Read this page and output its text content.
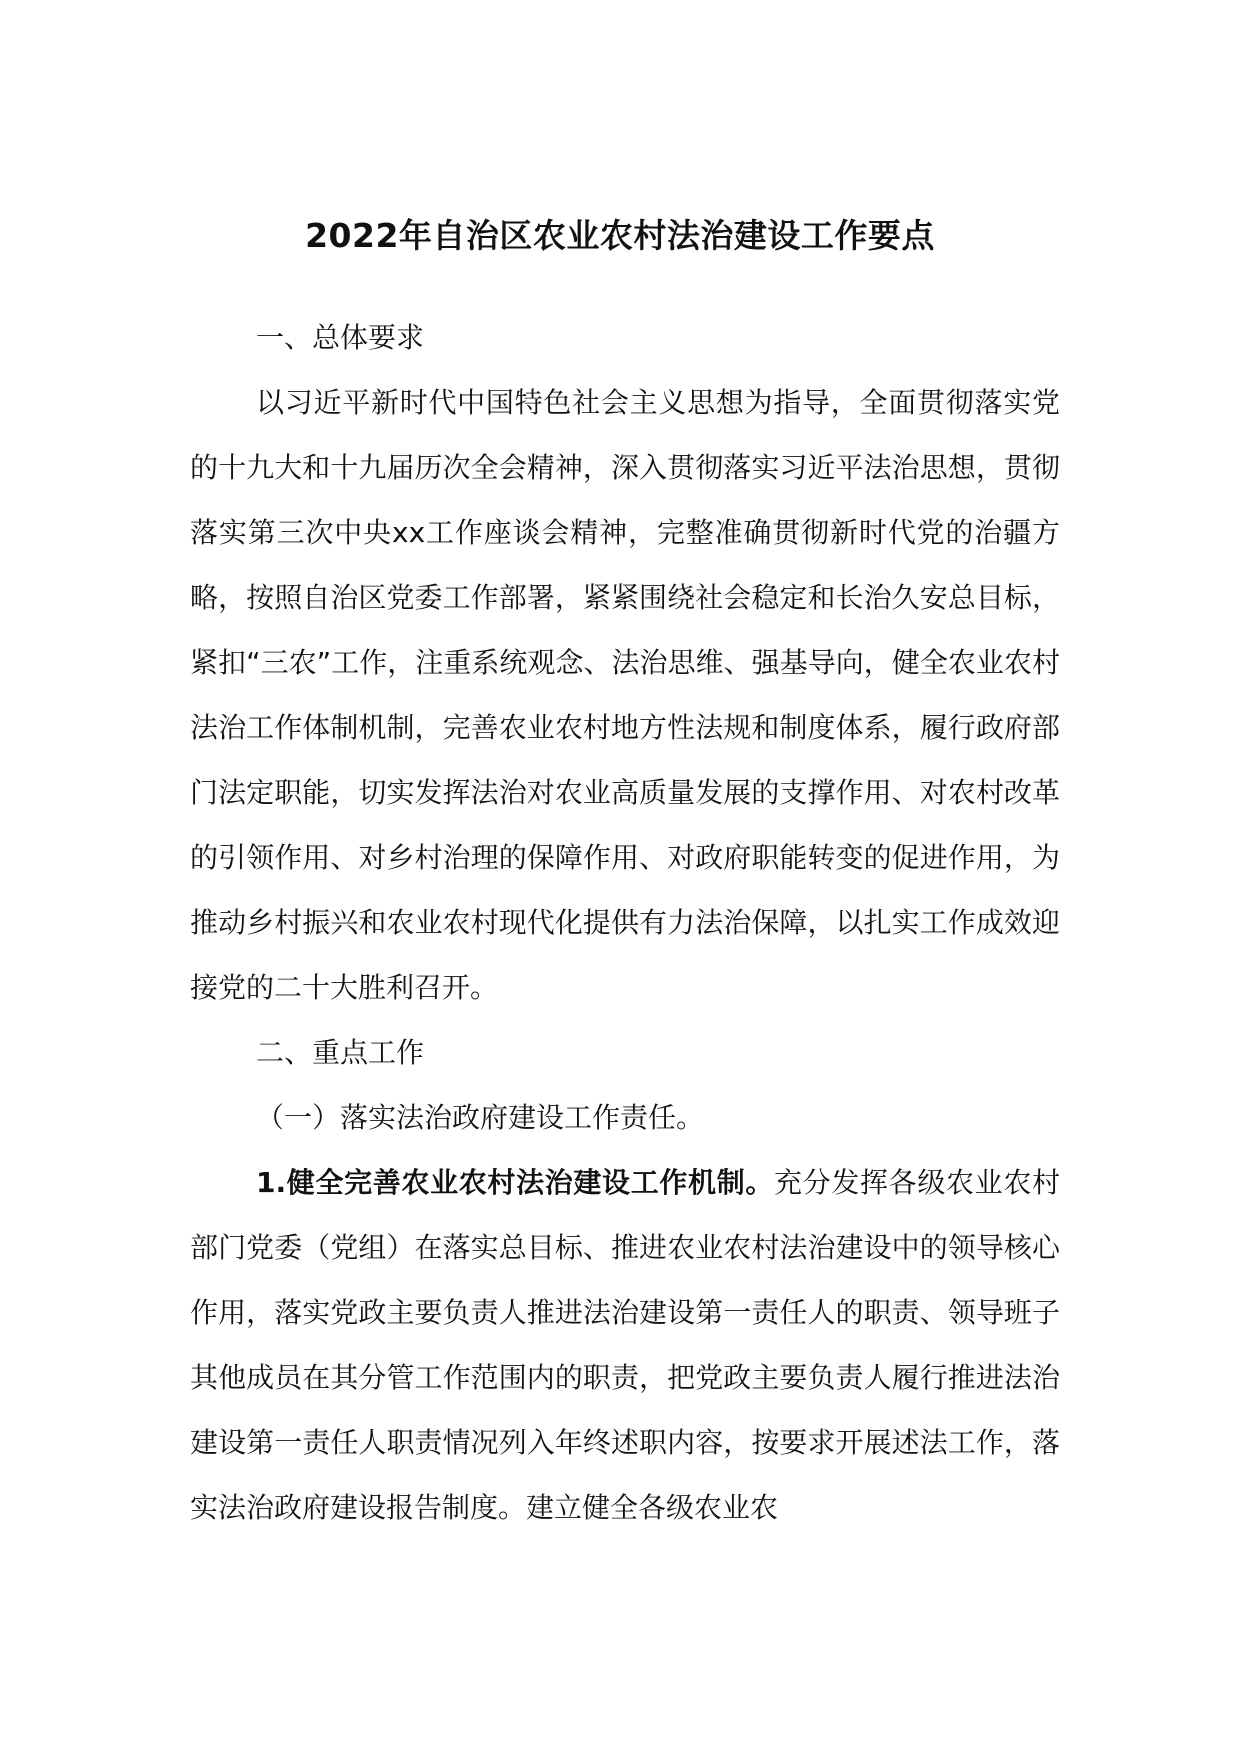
2022年自治区农业农村法治建设工作要点

一、总体要求

以习近平新时代中国特色社会主义思想为指导，全面贯彻落实党的十九大和十九届历次全会精神，深入贯彻落实习近平法治思想，贯彻落实第三次中央xx工作座谈会精神，完整准确贯彻新时代党的治疆方略，按照自治区党委工作部署，紧紧围绕社会稳定和长治久安总目标，紧扣“三农”工作，注重系统观念、法治思维、强基导向，健全农业农村法治工作体制机制，完善农业农村地方性法规和制度体系，履行政府部门法定职能，切实发挥法治对农业高质量发展的支撑作用、对农村改革的引领作用、对乡村治理的保障作用、对政府职能转变的促进作用，为推动乡村振兴和农业农村现代化提供有力法治保障，以扎实工作成效迎接党的二十大胜利召开。

二、重点工作

（一）落实法治政府建设工作责任。

1.健全完善农业农村法治建设工作机制。充分发挥各级农业农村部门党委（党组）在落实总目标、推进农业农村法治建设中的领导核心作用，落实党政主要负责人推进法治建设第一责任人的职责、领导班子其他成员在其分管工作范围内的职责，把党政主要负责人履行推进法治建设第一责任人职责情况列入年终述职内容，按要求开展述法工作，落实法治政府建设报告制度。建立健全各级农业农
